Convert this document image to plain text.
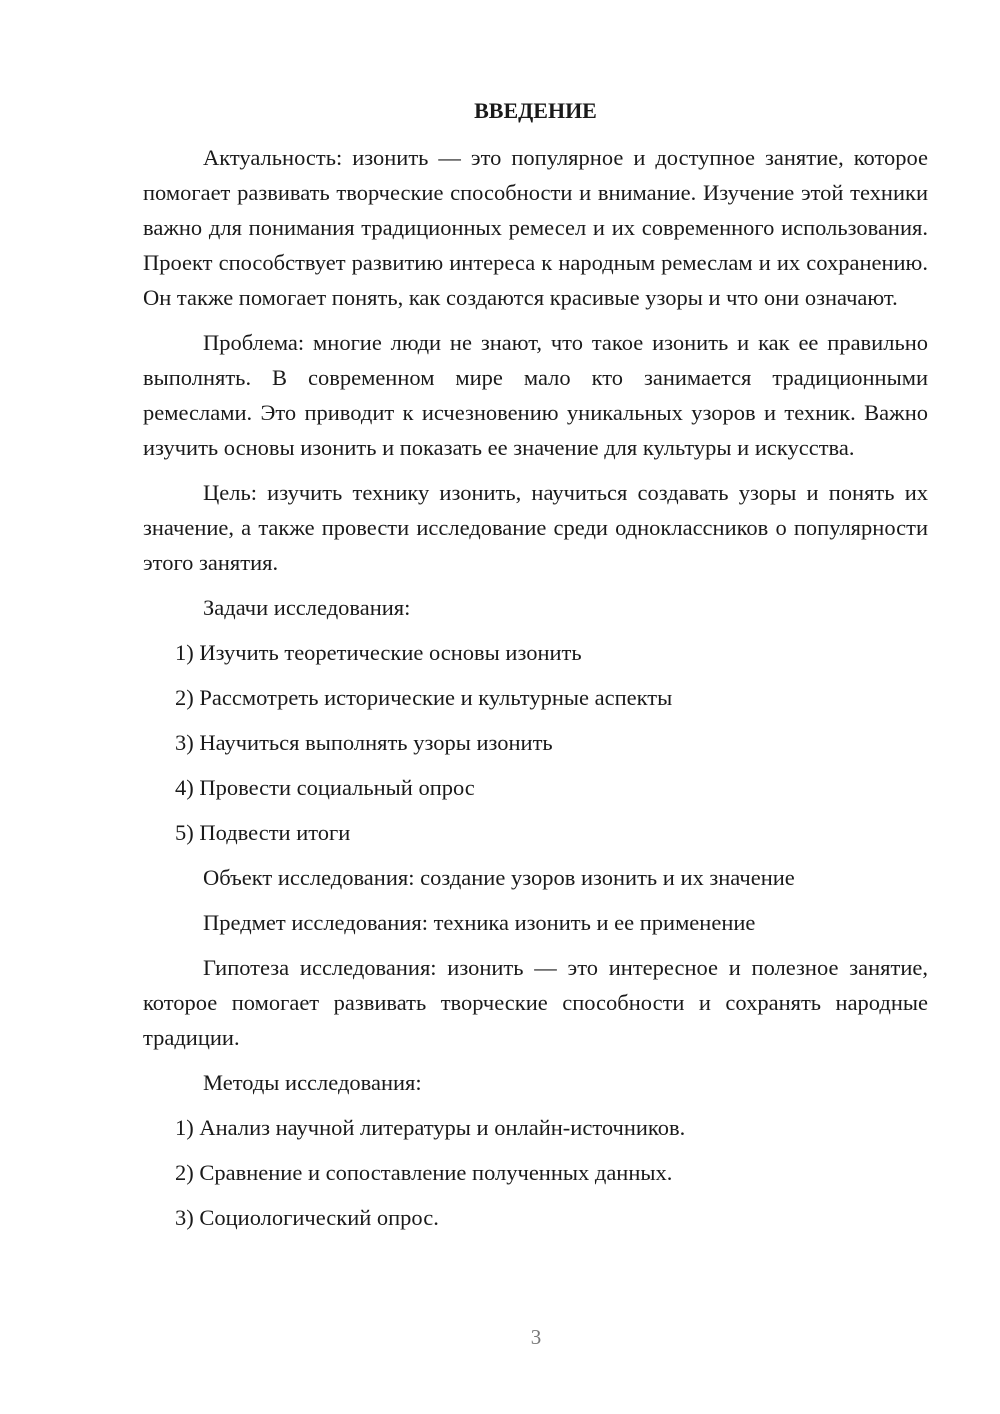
ВВЕДЕНИЕ

Актуальность: изонить — это популярное и доступное занятие, которое помогает развивать творческие способности и внимание. Изучение этой техники важно для понимания традиционных ремесел и их современного использования. Проект способствует развитию интереса к народным ремеслам и их сохранению. Он также помогает понять, как создаются красивые узоры и что они означают.

Проблема: многие люди не знают, что такое изонить и как ее правильно выполнять. В современном мире мало кто занимается традиционными ремеслами. Это приводит к исчезновению уникальных узоров и техник. Важно изучить основы изонить и показать ее значение для культуры и искусства.

Цель: изучить технику изонить, научиться создавать узоры и понять их значение, а также провести исследование среди одноклассников о популярности этого занятия.

Задачи исследования:
1) Изучить теоретические основы изонить
2) Рассмотреть исторические и культурные аспекты
3) Научиться выполнять узоры изонить
4) Провести социальный опрос
5) Подвести итоги
Объект исследования: создание узоров изонить и их значение
Предмет исследования: техника изонить и ее применение

Гипотеза исследования: изонить — это интересное и полезное занятие, которое помогает развивать творческие способности и сохранять народные традиции.

Методы исследования:
1) Анализ научной литературы и онлайн-источников.
2) Сравнение и сопоставление полученных данных.
3) Социологический опрос.
3
